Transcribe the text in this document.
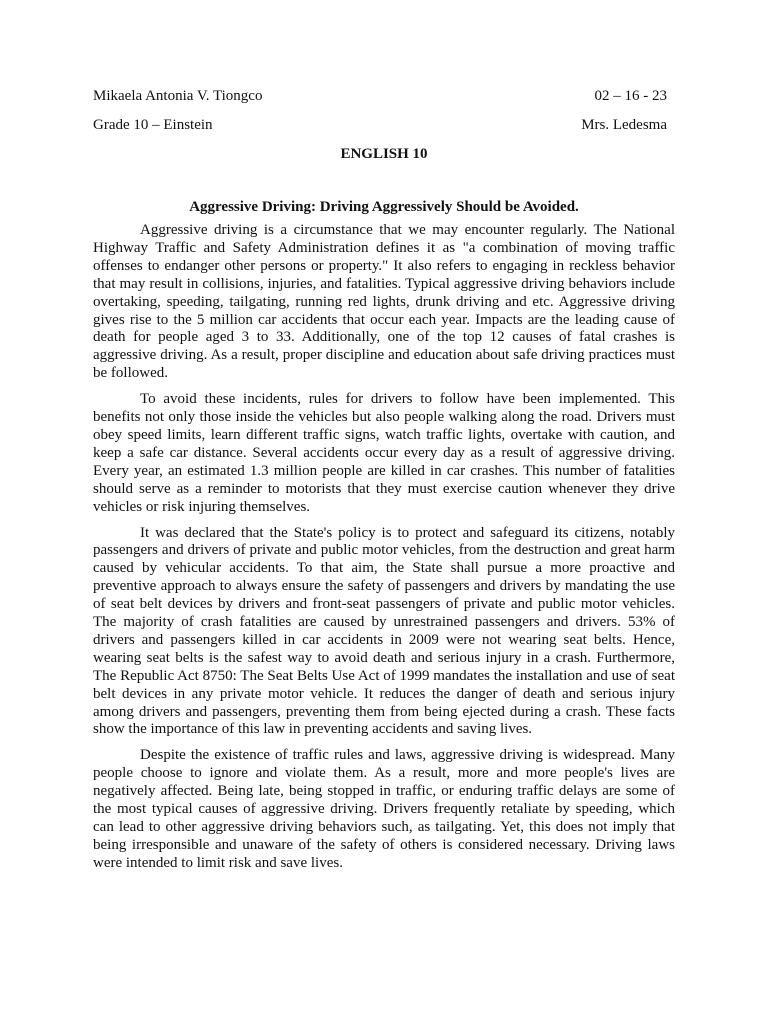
Mikaela Antonia V. Tiongco	02 – 16 - 23
Grade 10 – Einstein	Mrs. Ledesma
ENGLISH 10
Aggressive Driving: Driving Aggressively Should be Avoided.

Aggressive driving is a circumstance that we may encounter regularly. The National Highway Traffic and Safety Administration defines it as "a combination of moving traffic offenses to endanger other persons or property." It also refers to engaging in reckless behavior that may result in collisions, injuries, and fatalities. Typical aggressive driving behaviors include overtaking, speeding, tailgating, running red lights, drunk driving and etc. Aggressive driving gives rise to the 5 million car accidents that occur each year. Impacts are the leading cause of death for people aged 3 to 33. Additionally, one of the top 12 causes of fatal crashes is aggressive driving. As a result, proper discipline and education about safe driving practices must be followed.

To avoid these incidents, rules for drivers to follow have been implemented. This benefits not only those inside the vehicles but also people walking along the road. Drivers must obey speed limits, learn different traffic signs, watch traffic lights, overtake with caution, and keep a safe car distance. Several accidents occur every day as a result of aggressive driving. Every year, an estimated 1.3 million people are killed in car crashes. This number of fatalities should serve as a reminder to motorists that they must exercise caution whenever they drive vehicles or risk injuring themselves.

It was declared that the State's policy is to protect and safeguard its citizens, notably passengers and drivers of private and public motor vehicles, from the destruction and great harm caused by vehicular accidents. To that aim, the State shall pursue a more proactive and preventive approach to always ensure the safety of passengers and drivers by mandating the use of seat belt devices by drivers and front-seat passengers of private and public motor vehicles. The majority of crash fatalities are caused by unrestrained passengers and drivers. 53% of drivers and passengers killed in car accidents in 2009 were not wearing seat belts. Hence, wearing seat belts is the safest way to avoid death and serious injury in a crash. Furthermore, The Republic Act 8750: The Seat Belts Use Act of 1999 mandates the installation and use of seat belt devices in any private motor vehicle. It reduces the danger of death and serious injury among drivers and passengers, preventing them from being ejected during a crash. These facts show the importance of this law in preventing accidents and saving lives.

Despite the existence of traffic rules and laws, aggressive driving is widespread. Many people choose to ignore and violate them. As a result, more and more people's lives are negatively affected. Being late, being stopped in traffic, or enduring traffic delays are some of the most typical causes of aggressive driving. Drivers frequently retaliate by speeding, which can lead to other aggressive driving behaviors such, as tailgating. Yet, this does not imply that being irresponsible and unaware of the safety of others is considered necessary. Driving laws were intended to limit risk and save lives.
